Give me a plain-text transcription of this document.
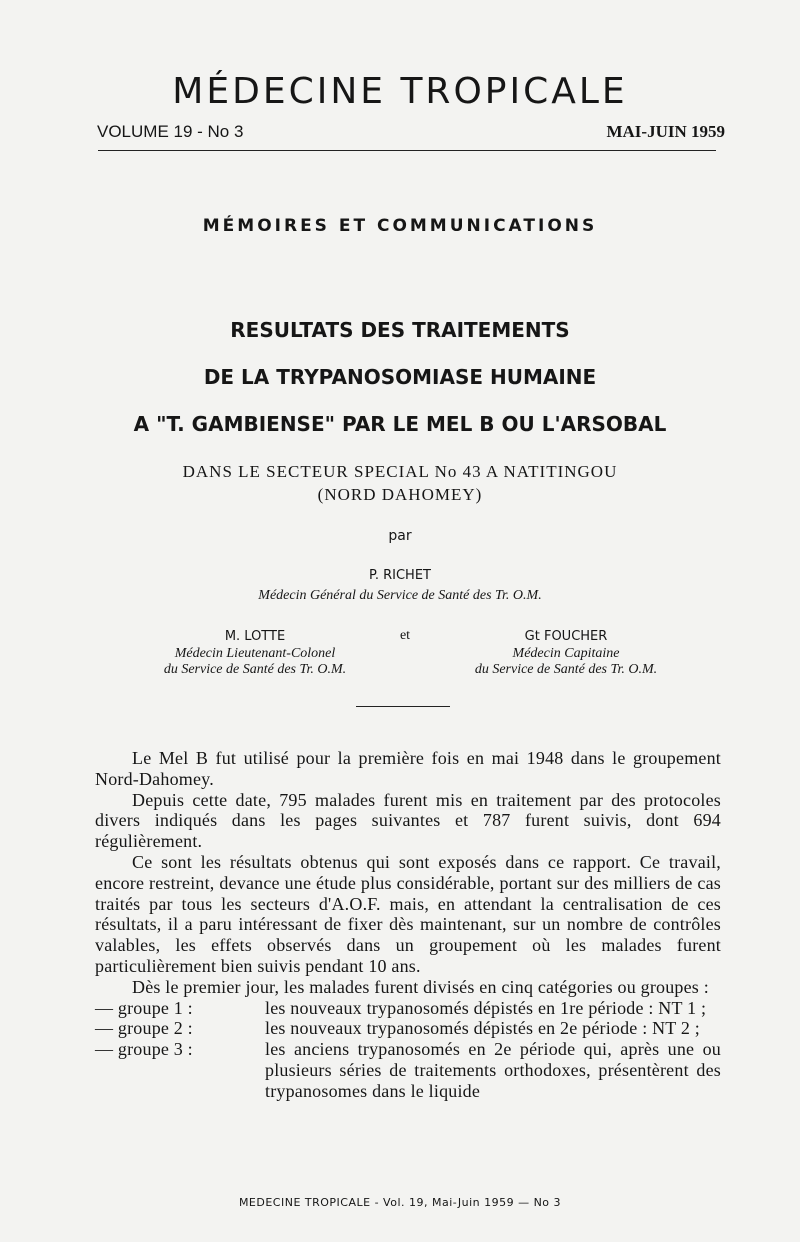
MÉDECINE TROPICALE
VOLUME 19 - No 3	MAI-JUIN 1959
MÉMOIRES ET COMMUNICATIONS
RESULTATS DES TRAITEMENTS
DE LA TRYPANOSOMIASE HUMAINE
A "T. GAMBIENSE" PAR LE MEL B OU L'ARSOBAL
DANS LE SECTEUR SPECIAL No 43 A NATITINGOU
(NORD DAHOMEY)
par
P. RICHET
Médecin Général du Service de Santé des Tr. O.M.
M. LOTTE
Médecin Lieutenant-Colonel
du Service de Santé des Tr. O.M.
et	Gt FOUCHER
Médecin Capitaine
du Service de Santé des Tr. O.M.

Le Mel B fut utilisé pour la première fois en mai 1948 dans le groupement Nord-Dahomey.

Depuis cette date, 795 malades furent mis en traitement par des protocoles divers indiqués dans les pages suivantes et 787 furent suivis, dont 694 régulièrement.

Ce sont les résultats obtenus qui sont exposés dans ce rapport. Ce travail, encore restreint, devance une étude plus considérable, portant sur des milliers de cas traités par tous les secteurs d'A.O.F. mais, en attendant la centralisation de ces résultats, il a paru intéressant de fixer dès maintenant, sur un nombre de contrôles valables, les effets observés dans un groupement où les malades furent particulièrement bien suivis pendant 10 ans.

Dès le premier jour, les malades furent divisés en cinq catégories ou groupes :

— groupe 1 :	les nouveaux trypanosomés dépistés en 1re période : NT 1 ;
— groupe 2 :	les nouveaux trypanosomés dépistés en 2e période : NT 2 ;
— groupe 3 :	les anciens trypanosomés en 2e période qui, après une ou plusieurs séries de traitements orthodoxes, présentèrent des trypanosomes dans le liquide
MEDECINE TROPICALE - Vol. 19, Mai-Juin 1959 — No 3
